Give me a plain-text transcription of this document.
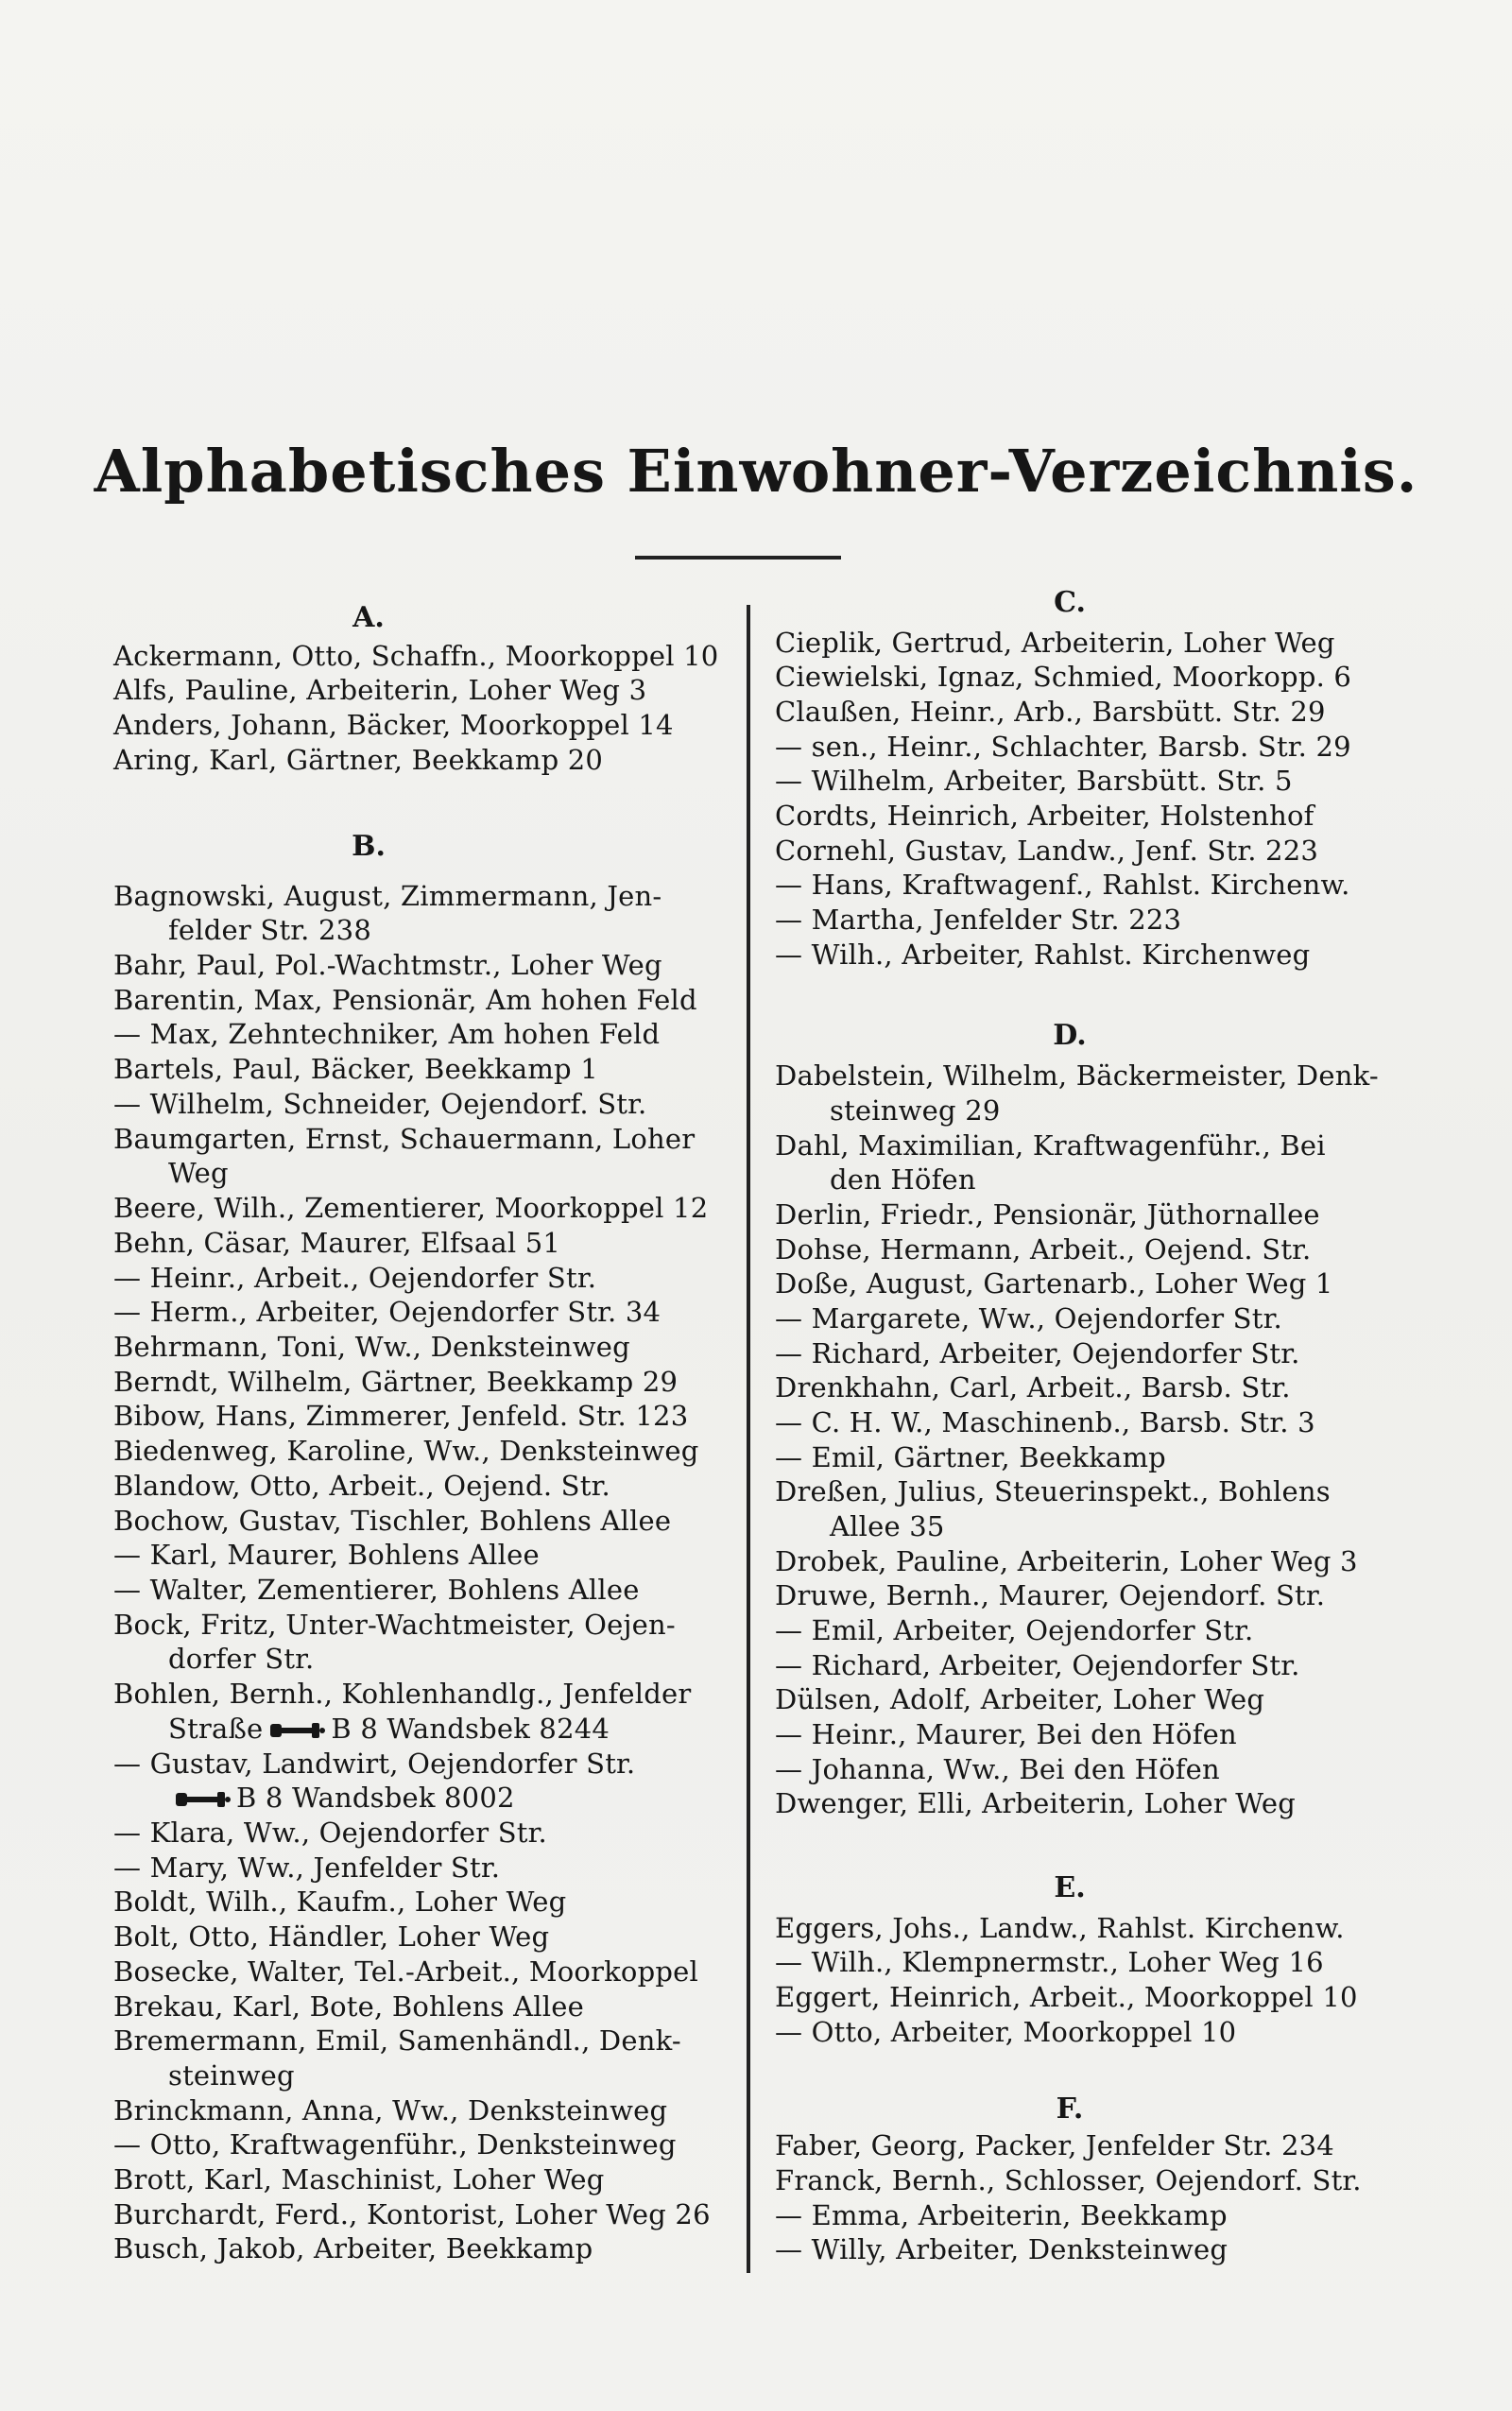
Alphabetisches Einwohner-Verzeichnis.
A.
Ackermann, Otto, Schaffn., Moorkoppel 10
Alfs, Pauline, Arbeiterin, Loher Weg 3
Anders, Johann, Bäcker, Moorkoppel 14
Aring, Karl, Gärtner, Beekkamp 20
B.
Bagnowski, August, Zimmermann, Jen-
felder Str. 238
Bahr, Paul, Pol.-Wachtmstr., Loher Weg
Barentin, Max, Pensionär, Am hohen Feld
— Max, Zehntechniker, Am hohen Feld
Bartels, Paul, Bäcker, Beekkamp 1
— Wilhelm, Schneider, Oejendorf. Str.
Baumgarten, Ernst, Schauermann, Loher
Weg
Beere, Wilh., Zementierer, Moorkoppel 12
Behn, Cäsar, Maurer, Elfsaal 51
— Heinr., Arbeit., Oejendorfer Str.
— Herm., Arbeiter, Oejendorfer Str. 34
Behrmann, Toni, Ww., Denksteinweg
Berndt, Wilhelm, Gärtner, Beekkamp 29
Bibow, Hans, Zimmerer, Jenfeld. Str. 123
Biedenweg, Karoline, Ww., Denksteinweg
Blandow, Otto, Arbeit., Oejend. Str.
Bochow, Gustav, Tischler, Bohlens Allee
— Karl, Maurer, Bohlens Allee
— Walter, Zementierer, Bohlens Allee
Bock, Fritz, Unter-Wachtmeister, Oejen-
dorfer Str.
Bohlen, Bernh., Kohlenhandlg., Jenfelder
Straße B 8 Wandsbek 8244
— Gustav, Landwirt, Oejendorfer Str.
B 8 Wandsbek 8002
— Klara, Ww., Oejendorfer Str.
— Mary, Ww., Jenfelder Str.
Boldt, Wilh., Kaufm., Loher Weg
Bolt, Otto, Händler, Loher Weg
Bosecke, Walter, Tel.-Arbeit., Moorkoppel
Brekau, Karl, Bote, Bohlens Allee
Bremermann, Emil, Samenhändl., Denk-
steinweg
Brinckmann, Anna, Ww., Denksteinweg
— Otto, Kraftwagenführ., Denksteinweg
Brott, Karl, Maschinist, Loher Weg
Burchardt, Ferd., Kontorist, Loher Weg 26
Busch, Jakob, Arbeiter, Beekkamp
C.
Cieplik, Gertrud, Arbeiterin, Loher Weg
Ciewielski, Ignaz, Schmied, Moorkopp. 6
Claußen, Heinr., Arb., Barsbütt. Str. 29
— sen., Heinr., Schlachter, Barsb. Str. 29
— Wilhelm, Arbeiter, Barsbütt. Str. 5
Cordts, Heinrich, Arbeiter, Holstenhof
Cornehl, Gustav, Landw., Jenf. Str. 223
— Hans, Kraftwagenf., Rahlst. Kirchenw.
— Martha, Jenfelder Str. 223
— Wilh., Arbeiter, Rahlst. Kirchenweg
D.
Dabelstein, Wilhelm, Bäckermeister, Denk-
steinweg 29
Dahl, Maximilian, Kraftwagenführ., Bei
den Höfen
Derlin, Friedr., Pensionär, Jüthornallee
Dohse, Hermann, Arbeit., Oejend. Str.
Doße, August, Gartenarb., Loher Weg 1
— Margarete, Ww., Oejendorfer Str.
— Richard, Arbeiter, Oejendorfer Str.
Drenkhahn, Carl, Arbeit., Barsb. Str.
— C. H. W., Maschinenb., Barsb. Str. 3
— Emil, Gärtner, Beekkamp
Dreßen, Julius, Steuerinspekt., Bohlens
Allee 35
Drobek, Pauline, Arbeiterin, Loher Weg 3
Druwe, Bernh., Maurer, Oejendorf. Str.
— Emil, Arbeiter, Oejendorfer Str.
— Richard, Arbeiter, Oejendorfer Str.
Dülsen, Adolf, Arbeiter, Loher Weg
— Heinr., Maurer, Bei den Höfen
— Johanna, Ww., Bei den Höfen
Dwenger, Elli, Arbeiterin, Loher Weg
E.
Eggers, Johs., Landw., Rahlst. Kirchenw.
— Wilh., Klempnermstr., Loher Weg 16
Eggert, Heinrich, Arbeit., Moorkoppel 10
— Otto, Arbeiter, Moorkoppel 10
F.
Faber, Georg, Packer, Jenfelder Str. 234
Franck, Bernh., Schlosser, Oejendorf. Str.
— Emma, Arbeiterin, Beekkamp
— Willy, Arbeiter, Denksteinweg
